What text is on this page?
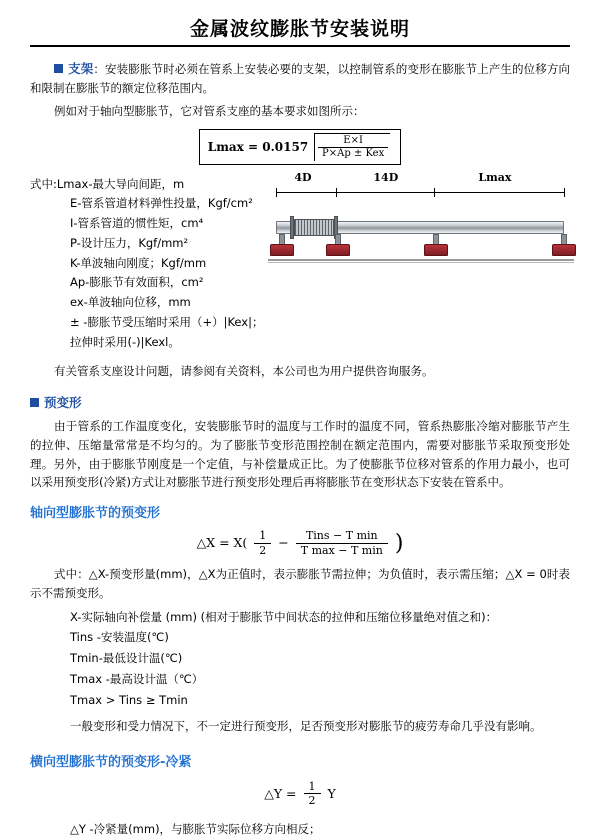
金属波纹膨胀节安装说明

支架：安装膨胀节时必须在管系上安装必要的支架，以控制管系的变形在膨胀节上产生的位移方向和限制在膨胀节的额定位移范围内。

例如对于轴向型膨胀节，它对管系支座的基本要求如图所示：

$Lmax = 0.0157 \frac{E\times I}{\text{P×Ap ± Kex}}$
式中:Lmax-最大导向间距，m
E-管系管道材料弹性投量，Kgf/cm²
I-管系管道的惯性矩，cm⁴
P-设计压力，Kgf/mm²
K-单波轴向刚度；Kgf/mm
Ap-膨胀节有效面积，cm²
ex-单波轴向位移，mm
± -膨胀节受压缩时采用（+）|Kex|；拉伸时采用(-)|Kexl。
4D	14D	Lmax

有关管系支座设计问题，请参阅有关资料，本公司也为用户提供咨询服务。

预变形

由于管系的工作温度变化，安装膨胀节时的温度与工作时的温度不同，管系热膨胀冷缩对膨胀节产生的拉伸、压缩量常常是不均匀的。为了膨胀节变形范围控制在额定范围内，需要对膨胀节采取预变形处理。另外，由于膨胀节刚度是一个定值，与补偿量成正比。为了使膨胀节位移对管系的作用力最小，也可以采用预变形(冷紧)方式让对膨胀节进行预变形处理后再将膨胀节在变形状态下安装在管系中。

轴向型膨胀节的预变形
△X = $X( \frac{1}{2} - \frac{\text{Tins − T min}}{\text{T max − T min}}$ )

式中：△X-预变形量(mm)，△X为正值时，表示膨胀节需拉伸；为负值时，表示需压缩；△X = 0时表示不需预变形。

X-实际轴向补偿量 (mm) (相对于膨胀节中间状态的拉伸和压缩位移量绝对值之和)：
Tins -安装温度(℃)
Tmin-最低设计温(℃)
Tmax -最高设计温（℃）
Tmax > Tins ≥ Tmin

一般变形和受力情况下，不一定进行预变形，足否预变形对膨胀节的疲劳寿命几乎没有影响。

横向型膨胀节的预变形-冷紧
△Y = $\frac{1}{2}$ Y

△Y -冷紧量(mm)，与膨胀节实际位移方向相反；
